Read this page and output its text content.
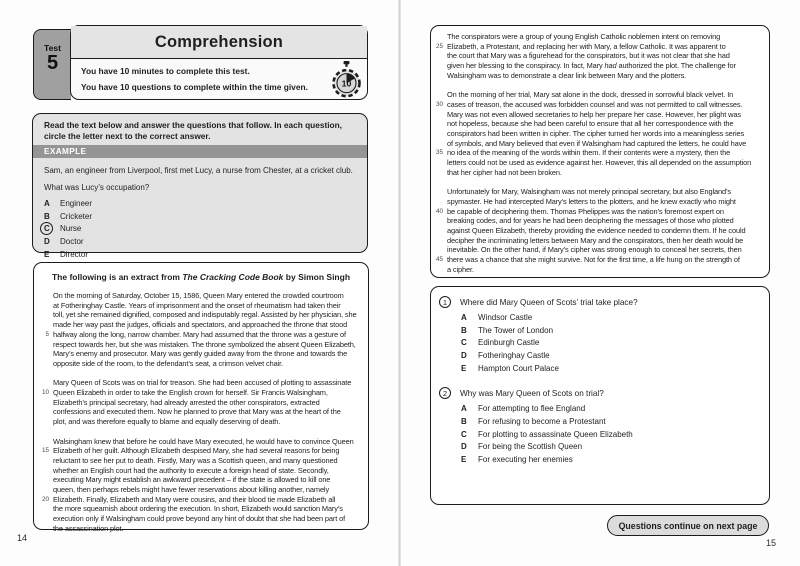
Test
5
Comprehension
You have 10 minutes to complete this test.
You have 10 questions to complete within the time given.	10
Read the text below and answer the questions that follow. In each question, circle the letter next to the correct answer.
EXAMPLE
Sam, an engineer from Liverpool, first met Lucy, a nurse from Chester, at a cricket club.
What was Lucy’s occupation?
A	Engineer
B	Cricketer
C	Nurse
D	Doctor
E	Director
The following is an extract from The Cracking Code Book by Simon Singh
On the morning of Saturday, October 15, 1586, Queen Mary entered the crowded courtroom
at Fotheringhay Castle. Years of imprisonment and the onset of rheumatism had taken their
toll, yet she remained dignified, composed and indisputably regal. Assisted by her physician, she
made her way past the judges, officials and spectators, and approached the throne that stood
5 halfway along the long, narrow chamber. Mary had assumed that the throne was a gesture of
respect towards her, but she was mistaken. The throne symbolized the absent Queen Elizabeth,
Mary’s enemy and prosecutor. Mary was gently guided away from the throne and towards the
opposite side of the room, to the defendant’s seat, a crimson velvet chair.
Mary Queen of Scots was on trial for treason. She had been accused of plotting to assassinate
10 Queen Elizabeth in order to take the English crown for herself. Sir Francis Walsingham,
Elizabeth’s principal secretary, had already arrested the other conspirators, extracted
confessions and executed them. Now he planned to prove that Mary was at the heart of the
plot, and was therefore equally to blame and equally deserving of death.
Walsingham knew that before he could have Mary executed, he would have to convince Queen
15 Elizabeth of her guilt. Although Elizabeth despised Mary, she had several reasons for being
reluctant to see her put to death. Firstly, Mary was a Scottish queen, and many questioned
whether an English court had the authority to execute a foreign head of state. Secondly,
executing Mary might establish an awkward precedent – if the state is allowed to kill one
queen, then perhaps rebels might have fewer reservations about killing another, namely
20 Elizabeth. Finally, Elizabeth and Mary were cousins, and their blood tie made Elizabeth all
the more squeamish about ordering the execution. In short, Elizabeth would sanction Mary’s
execution only if Walsingham could prove beyond any hint of doubt that she had been part of
the assassination plot.
14
The conspirators were a group of young English Catholic noblemen intent on removing
25 Elizabeth, a Protestant, and replacing her with Mary, a fellow Catholic. It was apparent to
the court that Mary was a figurehead for the conspirators, but it was not clear that she had
given her blessing to the conspiracy. In fact, Mary had authorized the plot. The challenge for
Walsingham was to demonstrate a clear link between Mary and the plotters.
On the morning of her trial, Mary sat alone in the dock, dressed in sorrowful black velvet. In
30 cases of treason, the accused was forbidden counsel and was not permitted to call witnesses.
Mary was not even allowed secretaries to help her prepare her case. However, her plight was
not hopeless, because she had been careful to ensure that all her correspondence with the
conspirators had been written in cipher. The cipher turned her words into a meaningless series
of symbols, and Mary believed that even if Walsingham had captured the letters, he could have
35 no idea of the meaning of the words within them. If their contents were a mystery, then the
letters could not be used as evidence against her. However, this all depended on the assumption
that her cipher had not been broken.
Unfortunately for Mary, Walsingham was not merely principal secretary, but also England’s
spymaster. He had intercepted Mary’s letters to the plotters, and he knew exactly who might
40 be capable of deciphering them. Thomas Phelippes was the nation’s foremost expert on
breaking codes, and for years he had been deciphering the messages of those who plotted
against Queen Elizabeth, thereby providing the evidence needed to condemn them. If he could
decipher the incriminating letters between Mary and the conspirators, then her death would be
inevitable. On the other hand, if Mary’s cipher was strong enough to conceal her secrets, then
45 there was a chance that she might survive. Not for the first time, a life hung on the strength of
a cipher.
1	Where did Mary Queen of Scots’ trial take place?
A	Windsor Castle
B	The Tower of London
C	Edinburgh Castle
D	Fotheringhay Castle
E	Hampton Court Palace
2	Why was Mary Queen of Scots on trial?
A	For attempting to flee England
B	For refusing to become a Protestant
C	For plotting to assassinate Queen Elizabeth
D	For being the Scottish Queen
E	For executing her enemies
Questions continue on next page
15
